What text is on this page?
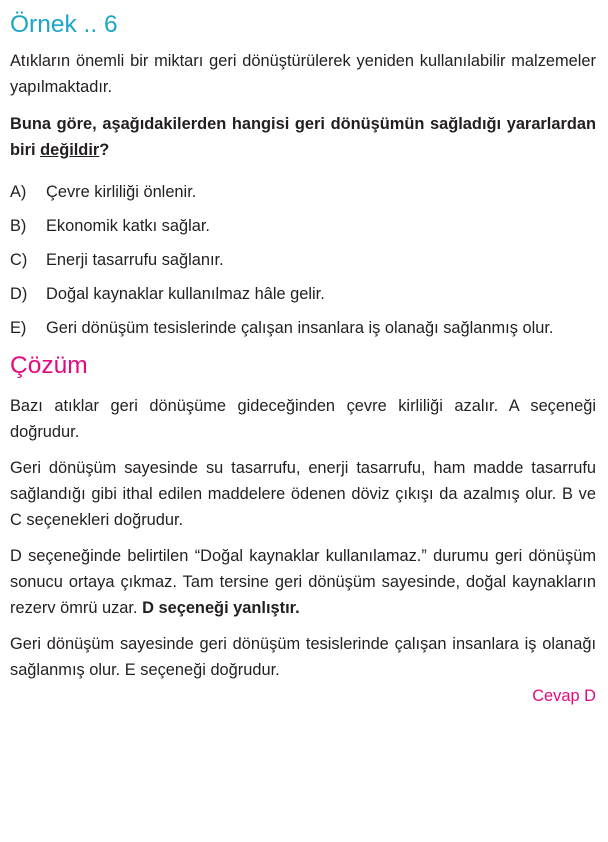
Örnek .. 6

Atıkların önemli bir miktarı geri dönüştürülerek yeniden kullanılabilir malzemeler yapılmaktadır.

Buna göre, aşağıdakilerden hangisi geri dönüşümün sağladığı yararlardan biri değildir?

A)	Çevre kirliliği önlenir.
B)	Ekonomik katkı sağlar.
C)	Enerji tasarrufu sağlanır.
D)	Doğal kaynaklar kullanılmaz hâle gelir.
E)	Geri dönüşüm tesislerinde çalışan insanlara iş olanağı sağlanmış olur.
Çözüm

Bazı atıklar geri dönüşüme gideceğinden çevre kirliliği azalır. A seçeneği doğrudur.

Geri dönüşüm sayesinde su tasarrufu, enerji tasarrufu, ham madde tasarrufu sağlandığı gibi ithal edilen maddelere ödenen döviz çıkışı da azalmış olur. B ve C seçenekleri doğrudur.

D seçeneğinde belirtilen “Doğal kaynaklar kullanılamaz.” durumu geri dönüşüm sonucu ortaya çıkmaz. Tam tersine geri dönüşüm sayesinde, doğal kaynakların rezerv ömrü uzar. D seçeneği yanlıştır.

Geri dönüşüm sayesinde geri dönüşüm tesislerinde çalışan insanlara iş olanağı sağlanmış olur. E seçeneği doğrudur.

Cevap D
